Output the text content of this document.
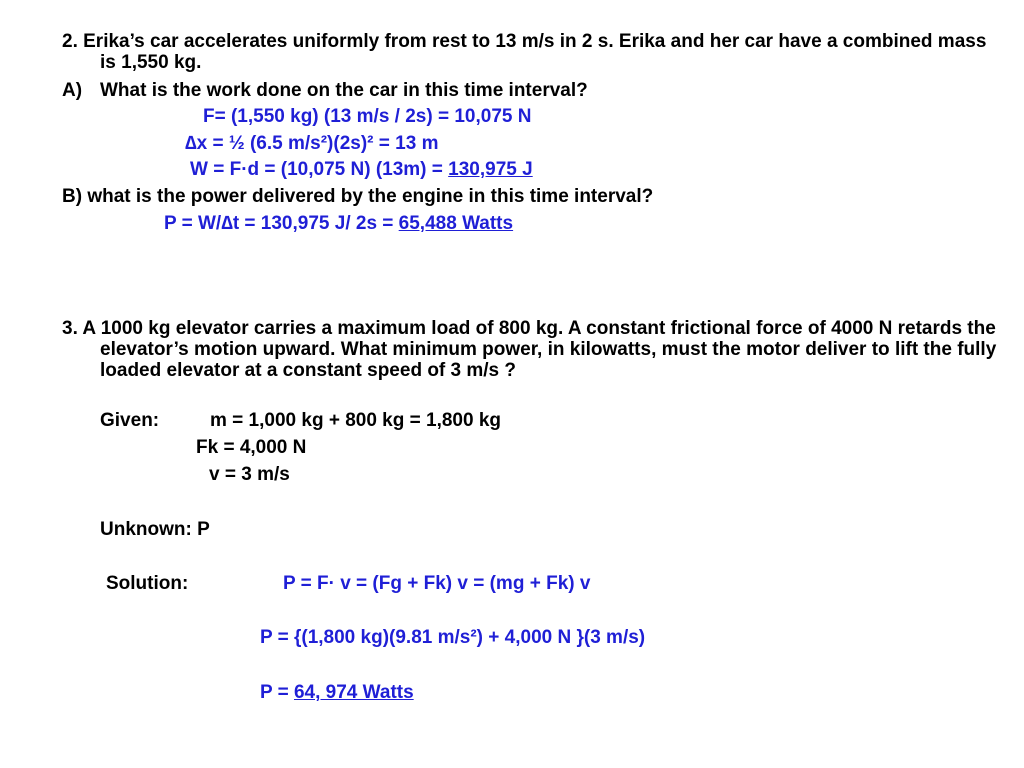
2. Erika’s car accelerates uniformly from rest to 13 m/s in 2 s. Erika and her car have a combined mass is 1,550 kg.
A) What is the work done on the car in this time interval?
F= (1,550 kg) (13 m/s / 2s) = 10,075 N
∆x = ½ (6.5 m/s²)(2s)² = 13 m
W = F·d = (10,075 N) (13m) = 130,975 J
B) what is the power delivered by the engine in this time interval?
P = W/∆t = 130,975 J/ 2s = 65,488 Watts
3. A 1000 kg elevator carries a maximum load of 800 kg. A constant frictional force of 4000 N retards the elevator’s motion upward. What minimum power, in kilowatts, must the motor deliver to lift the fully loaded elevator at a constant speed of 3 m/s ?
Given:	m = 1,000 kg + 800 kg = 1,800 kg
Fk = 4,000 N
v = 3 m/s
Unknown: P
Solution:	P = F· v = (Fg + Fk) v = (mg + Fk) v
P = {(1,800 kg)(9.81 m/s²) + 4,000 N }(3 m/s)
P = 64, 974 Watts
